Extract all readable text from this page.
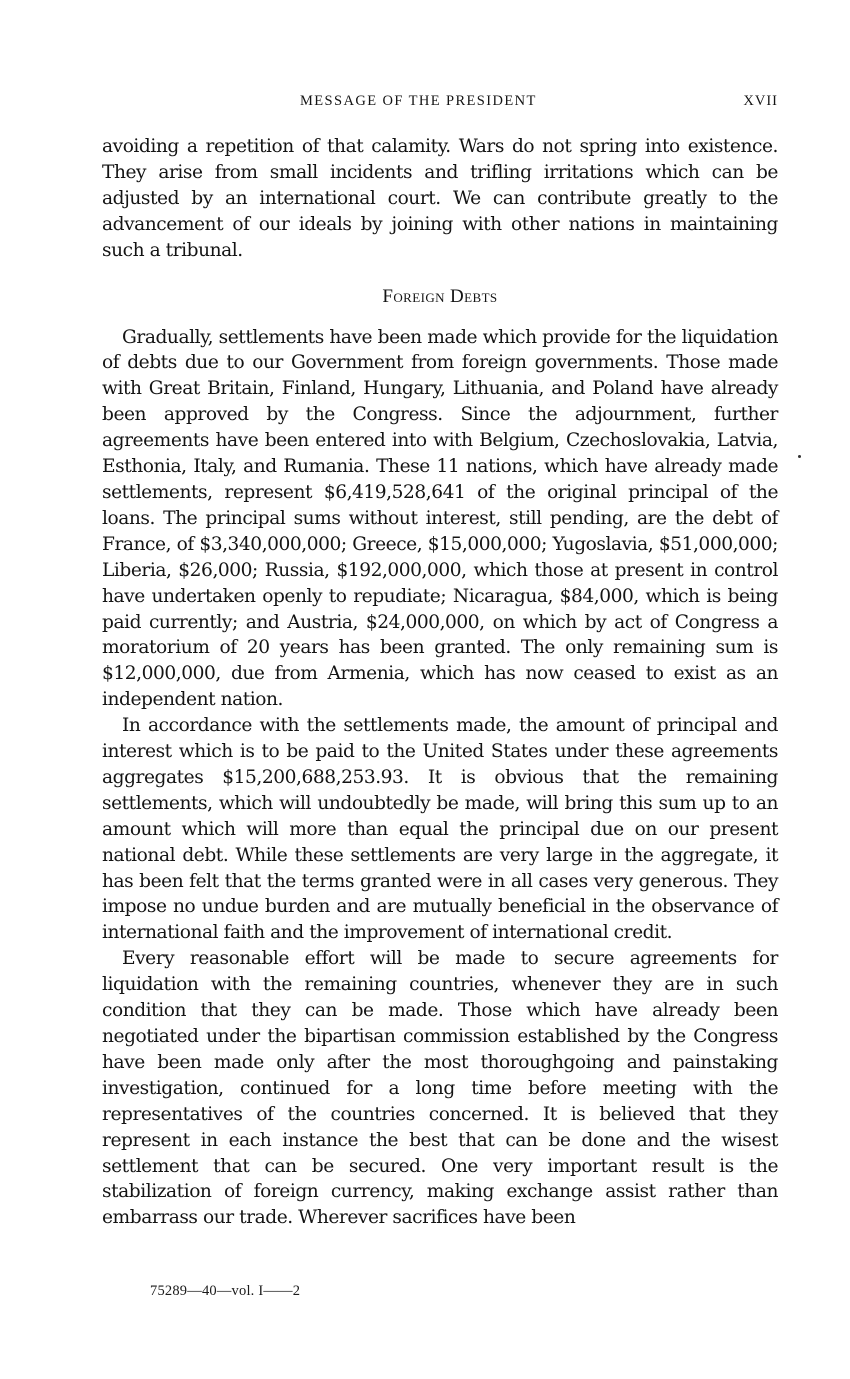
MESSAGE OF THE PRESIDENT	XVII

avoiding a repetition of that calamity. Wars do not spring into existence. They arise from small incidents and trifling irritations which can be adjusted by an international court. We can contribute greatly to the advancement of our ideals by joining with other nations in maintaining such a tribunal.

Foreign Debts

Gradually, settlements have been made which provide for the liquidation of debts due to our Government from foreign governments. Those made with Great Britain, Finland, Hungary, Lithuania, and Poland have already been approved by the Congress. Since the adjournment, further agreements have been entered into with Belgium, Czechoslovakia, Latvia, Esthonia, Italy, and Rumania. These 11 nations, which have already made settlements, represent $6,419,528,641 of the original principal of the loans. The principal sums without interest, still pending, are the debt of France, of $3,340,000,000; Greece, $15,000,000; Yugoslavia, $51,000,000; Liberia, $26,000; Russia, $192,000,000, which those at present in control have undertaken openly to repudiate; Nicaragua, $84,000, which is being paid currently; and Austria, $24,000,000, on which by act of Congress a moratorium of 20 years has been granted. The only remaining sum is $12,000,000, due from Armenia, which has now ceased to exist as an independent nation.

In accordance with the settlements made, the amount of principal and interest which is to be paid to the United States under these agreements aggregates $15,200,688,253.93. It is obvious that the remaining settlements, which will undoubtedly be made, will bring this sum up to an amount which will more than equal the principal due on our present national debt. While these settlements are very large in the aggregate, it has been felt that the terms granted were in all cases very generous. They impose no undue burden and are mutually beneficial in the observance of international faith and the improvement of international credit.

Every reasonable effort will be made to secure agreements for liquidation with the remaining countries, whenever they are in such condition that they can be made. Those which have already been negotiated under the bipartisan commission established by the Congress have been made only after the most thoroughgoing and painstaking investigation, continued for a long time before meeting with the representatives of the countries concerned. It is believed that they represent in each instance the best that can be done and the wisest settlement that can be secured. One very important result is the stabilization of foreign currency, making exchange assist rather than embarrass our trade. Wherever sacrifices have been

75289—40—vol. I——2
